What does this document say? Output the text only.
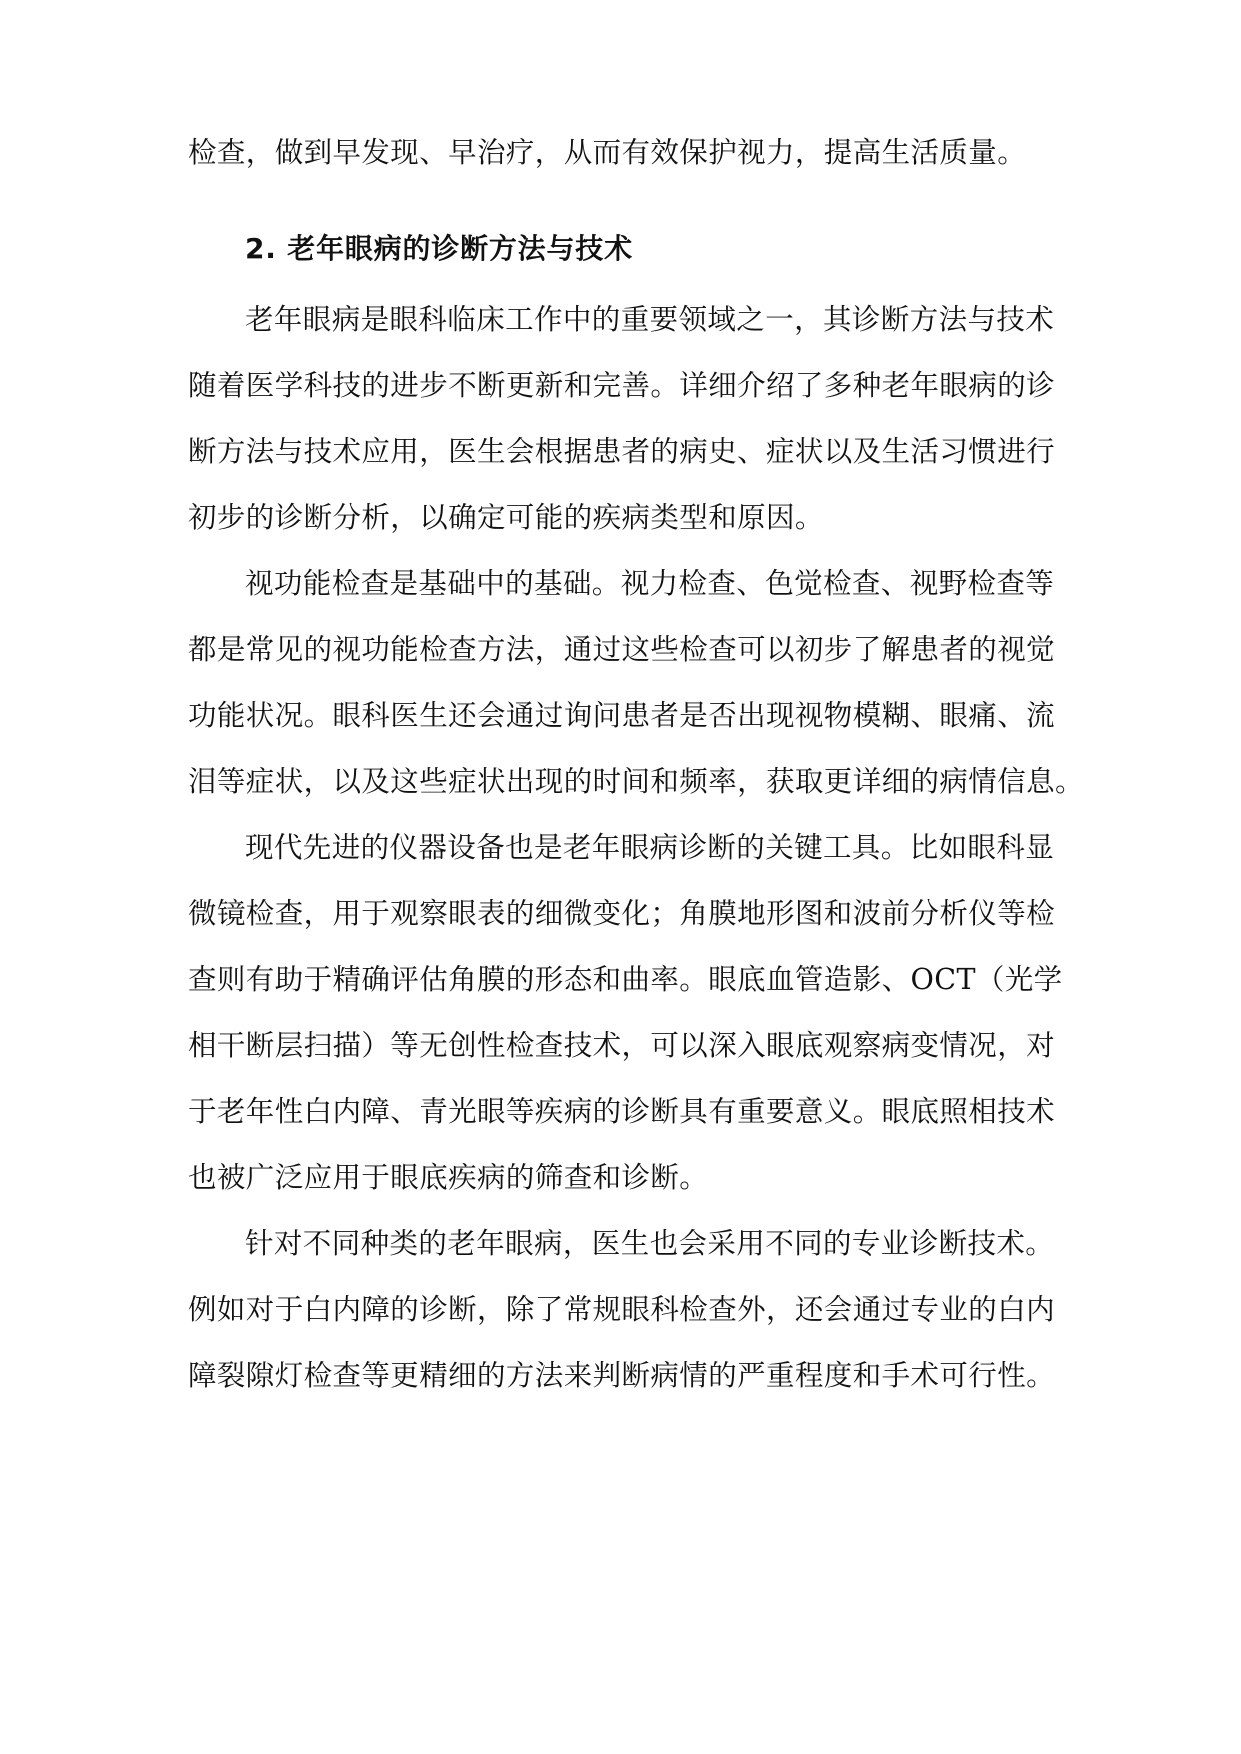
检查，做到早发现、早治疗，从而有效保护视力，提高生活质量。
2. 老年眼病的诊断方法与技术
老年眼病是眼科临床工作中的重要领域之一，其诊断方法与技术
随着医学科技的进步不断更新和完善。详细介绍了多种老年眼病的诊
断方法与技术应用，医生会根据患者的病史、症状以及生活习惯进行
初步的诊断分析，以确定可能的疾病类型和原因。
视功能检查是基础中的基础。视力检查、色觉检查、视野检查等
都是常见的视功能检查方法，通过这些检查可以初步了解患者的视觉
功能状况。眼科医生还会通过询问患者是否出现视物模糊、眼痛、流
泪等症状，以及这些症状出现的时间和频率，获取更详细的病情信息。
现代先进的仪器设备也是老年眼病诊断的关键工具。比如眼科显
微镜检查，用于观察眼表的细微变化；角膜地形图和波前分析仪等检
查则有助于精确评估角膜的形态和曲率。眼底血管造影、OCT（光学
相干断层扫描）等无创性检查技术，可以深入眼底观察病变情况，对
于老年性白内障、青光眼等疾病的诊断具有重要意义。眼底照相技术
也被广泛应用于眼底疾病的筛查和诊断。
针对不同种类的老年眼病，医生也会采用不同的专业诊断技术。
例如对于白内障的诊断，除了常规眼科检查外，还会通过专业的白内
障裂隙灯检查等更精细的方法来判断病情的严重程度和手术可行性。
